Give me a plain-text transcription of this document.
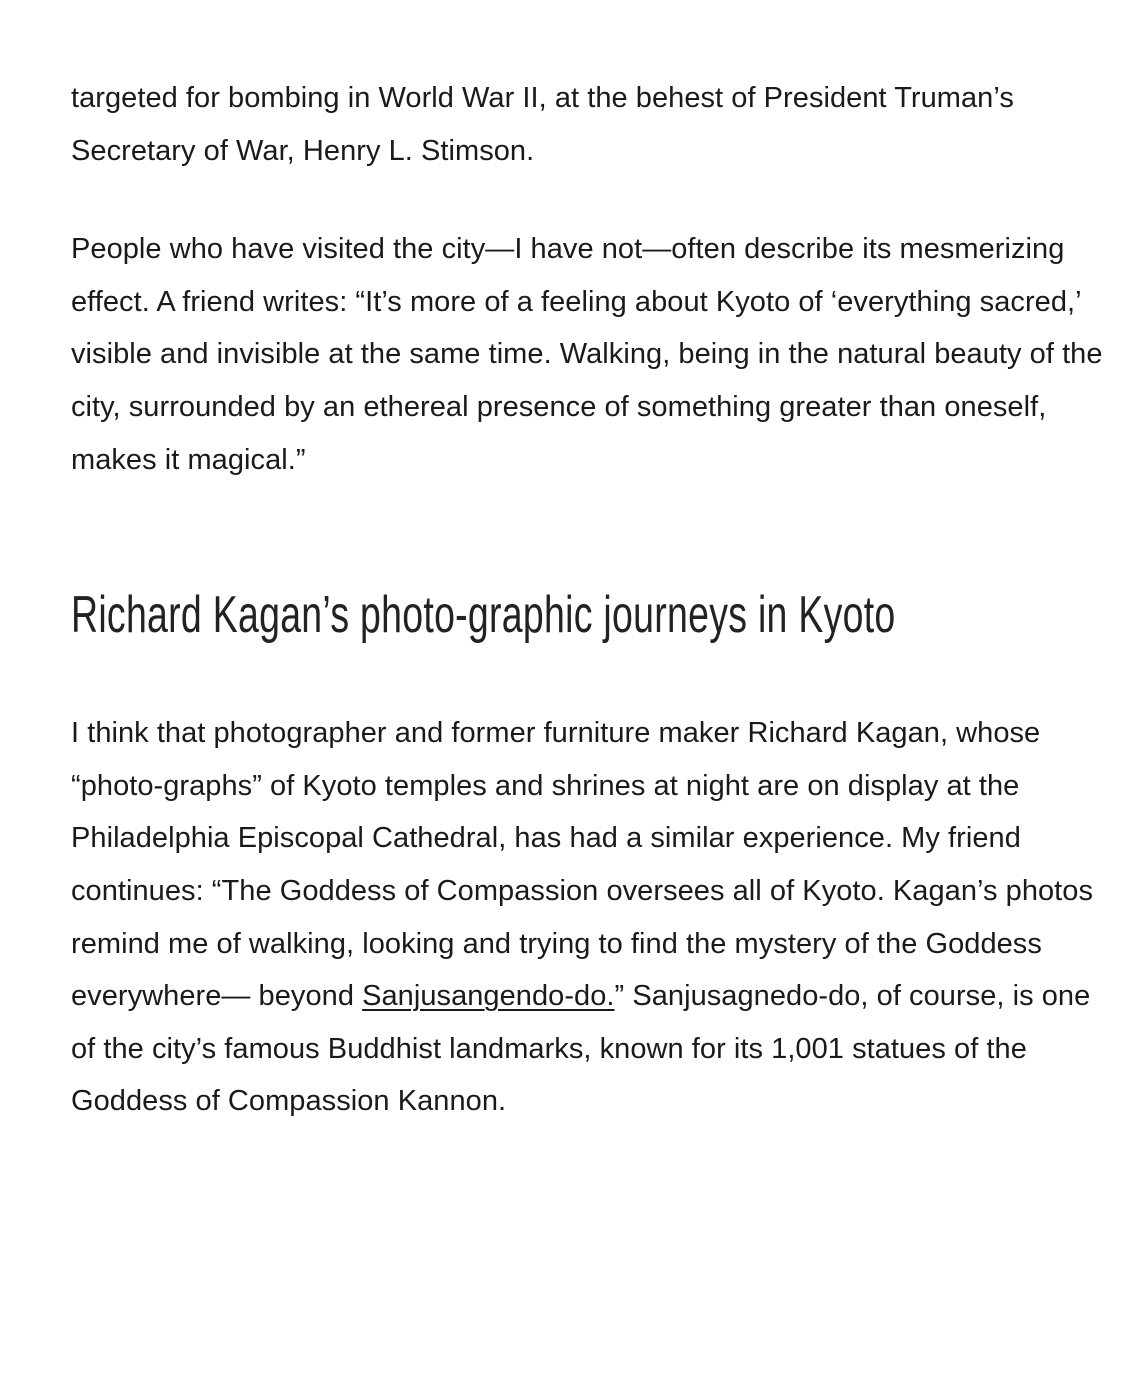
targeted for bombing in World War II, at the behest of President Truman’s Secretary of War, Henry L. Stimson.

People who have visited the city—I have not—often describe its mesmerizing effect. A friend writes: “It’s more of a feeling about Kyoto of ‘everything sacred,’ visible and invisible at the same time. Walking, being in the natural beauty of the city, surrounded by an ethereal presence of something greater than oneself, makes it magical.”

Richard Kagan’s photo-graphic journeys in Kyoto

I think that photographer and former furniture maker Richard Kagan, whose “photo-graphs” of Kyoto temples and shrines at night are on display at the Philadelphia Episcopal Cathedral, has had a similar experience. My friend continues: “The Goddess of Compassion oversees all of Kyoto. Kagan’s photos remind me of walking, looking and trying to find the mystery of the Goddess everywhere— beyond Sanjusangendo-do.” Sanjusagnedo-do, of course, is one of the city’s famous Buddhist landmarks, known for its 1,001 statues of the Goddess of Compassion Kannon.
